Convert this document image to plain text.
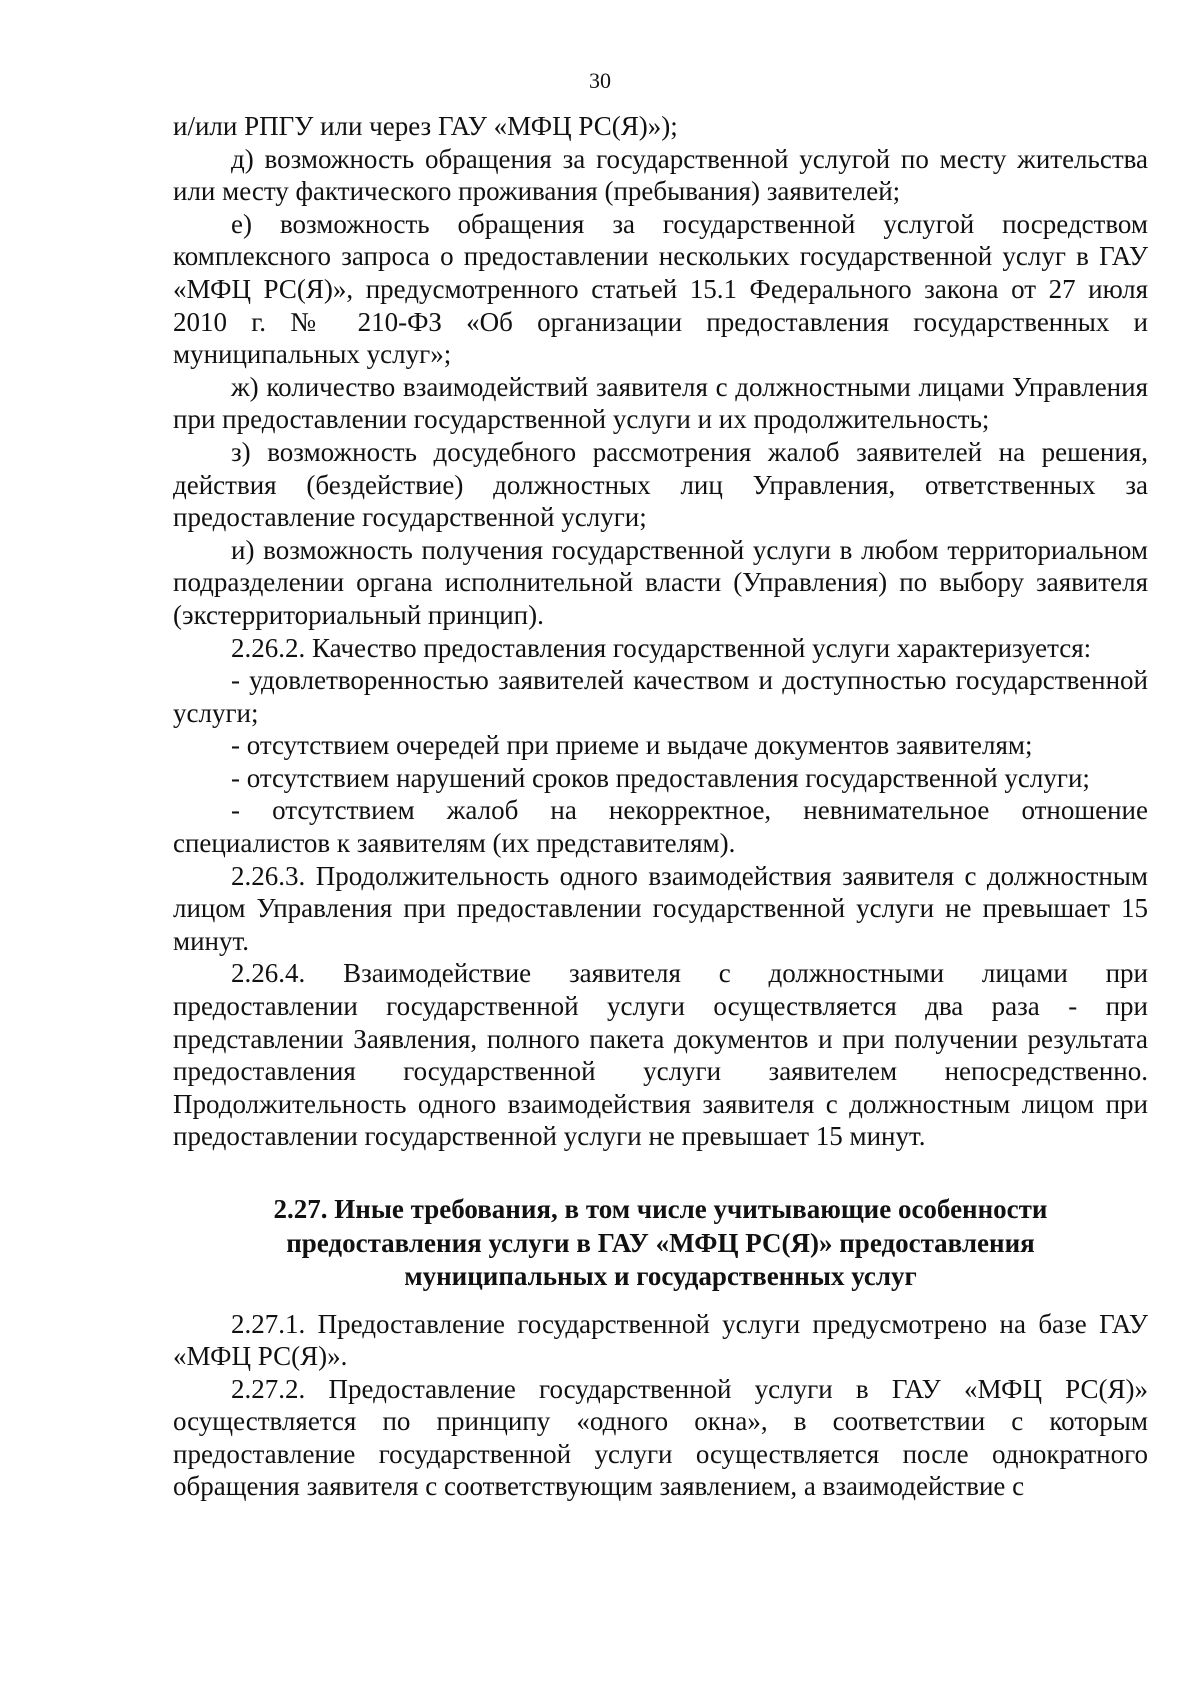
30

и/или РПГУ или через ГАУ «МФЦ РС(Я)»);

д) возможность обращения за государственной услугой по месту жительства или месту фактического проживания (пребывания) заявителей;

е) возможность обращения за государственной услугой посредством комплексного запроса о предоставлении нескольких государственной услуг в ГАУ «МФЦ РС(Я)», предусмотренного статьей 15.1 Федерального закона от 27 июля 2010 г. № 210-ФЗ «Об организации предоставления государственных и муниципальных услуг»;

ж) количество взаимодействий заявителя с должностными лицами Управления при предоставлении государственной услуги и их продолжительность;

з) возможность досудебного рассмотрения жалоб заявителей на решения, действия (бездействие) должностных лиц Управления, ответственных за предоставление государственной услуги;

и) возможность получения государственной услуги в любом территориальном подразделении органа исполнительной власти (Управления) по выбору заявителя (экстерриториальный принцип).

2.26.2. Качество предоставления государственной услуги характеризуется:

- удовлетворенностью заявителей качеством и доступностью государственной услуги;

- отсутствием очередей при приеме и выдаче документов заявителям;

- отсутствием нарушений сроков предоставления государственной услуги;

- отсутствием жалоб на некорректное, невнимательное отношение специалистов к заявителям (их представителям).

2.26.3. Продолжительность одного взаимодействия заявителя с должностным лицом Управления при предоставлении государственной услуги не превышает 15 минут.

2.26.4. Взаимодействие заявителя с должностными лицами при предоставлении государственной услуги осуществляется два раза - при представлении Заявления, полного пакета документов и при получении результата предоставления государственной услуги заявителем непосредственно. Продолжительность одного взаимодействия заявителя с должностным лицом при предоставлении государственной услуги не превышает 15 минут.

2.27. Иные требования, в том числе учитывающие особенности предоставления услуги в ГАУ «МФЦ РС(Я)» предоставления муниципальных и государственных услуг

2.27.1. Предоставление государственной услуги предусмотрено на базе ГАУ «МФЦ РС(Я)».

2.27.2. Предоставление государственной услуги в ГАУ «МФЦ РС(Я)» осуществляется по принципу «одного окна», в соответствии с которым предоставление государственной услуги осуществляется после однократного обращения заявителя с соответствующим заявлением, а взаимодействие с
